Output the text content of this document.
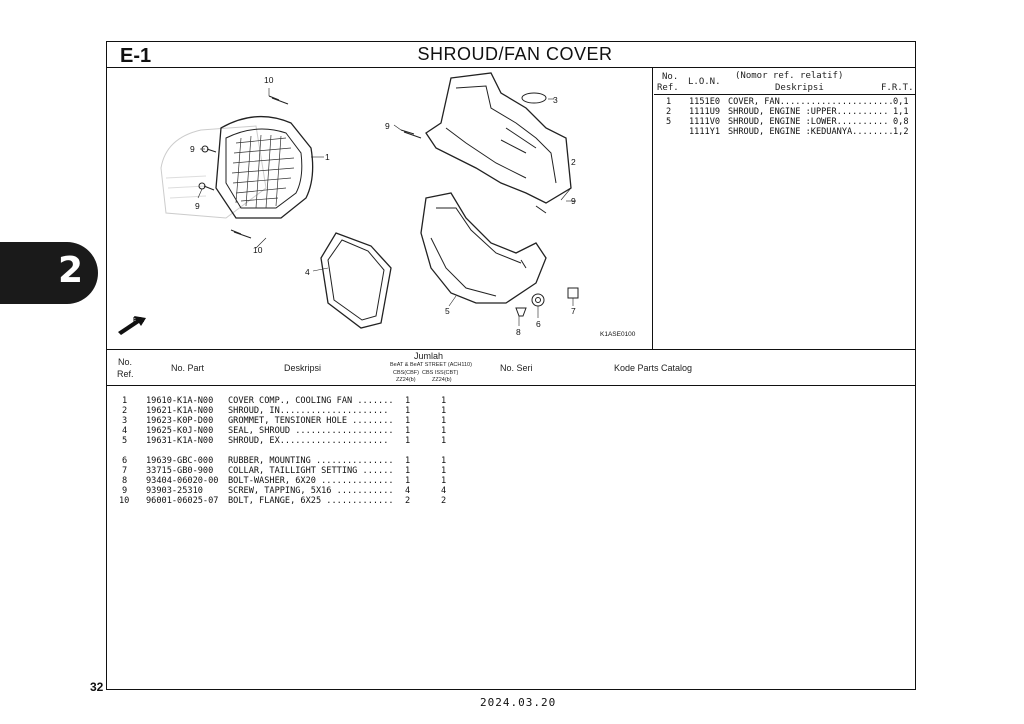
E-1	SHROUD/FAN COVER
2
No.
Ref.
L.O.N.
(Nomor ref. relatif)
Deskripsi	F.R.T.
1 1151E0 COVER, FAN...................... 0,1
2 1111U9 SHROUD, ENGINE :UPPER.......... 1,1
5 1111V0 SHROUD, ENGINE :LOWER.......... 0,8
1111Y1 SHROUD, ENGINE :KEDUANYA........ 1,2
10
9
9
1
10
4
5
8
6
7
9
2
3
9
FR.
K1ASE0100
No.
Ref.
No. Part	Deskripsi
Jumlah
BeAT & BeAT STREET (ACH110)
CBS(CBF) CBS ISS(CBT)
ZZ24(b)	ZZ24(b)
No. Seri	Kode Parts Catalog
1 19610-K1A-N00 COVER COMP., COOLING FAN ....... 1	1
2 19621-K1A-N00 SHROUD, IN..................... 1	1
3 19623-K0P-D00 GROMMET, TENSIONER HOLE ........ 1	1
4 19625-K0J-N00 SEAL, SHROUD ................... 1	1
5 19631-K1A-N00 SHROUD, EX..................... 1	1
6 19639-GBC-000 RUBBER, MOUNTING ............... 1	1
7 33715-GB0-900 COLLAR, TAILLIGHT SETTING ...... 1	1
8 93404-06020-00 BOLT-WASHER, 6X20 .............. 1	1
9 93903-25310	SCREW, TAPPING, 5X16 ........... 4	4
10 96001-06025-07 BOLT, FLANGE, 6X25 ............. 2	2
32
2024.03.20
